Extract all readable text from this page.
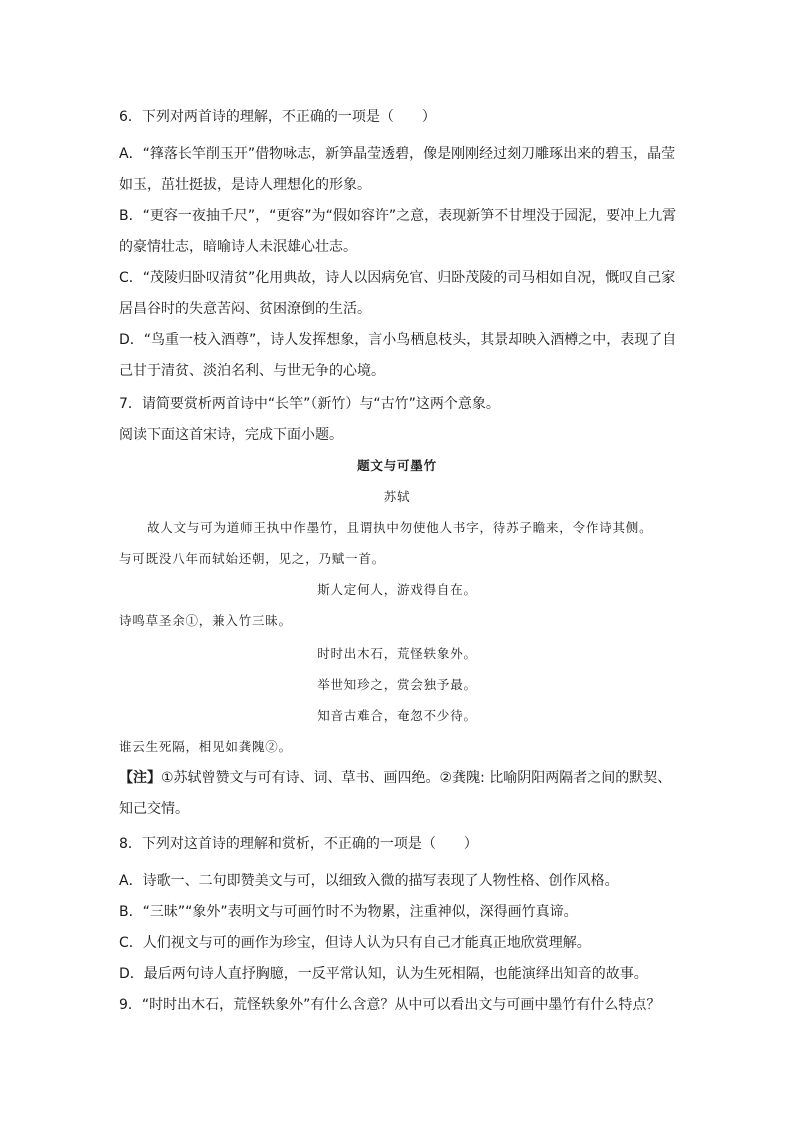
6．下列对两首诗的理解，不正确的一项是（　　）
A．“箨落长竿削玉开”借物咏志，新笋晶莹透碧，像是刚刚经过刻刀雕琢出来的碧玉，晶莹
如玉，茁壮挺拔，是诗人理想化的形象。
B．“更容一夜抽千尺”，“更容”为“假如容许”之意，表现新笋不甘埋没于园泥，要冲上九霄
的豪情壮志，暗喻诗人未泯雄心壮志。
C．“茂陵归卧叹清贫”化用典故，诗人以因病免官、归卧茂陵的司马相如自况，慨叹自己家
居昌谷时的失意苦闷、贫困潦倒的生活。
D．“鸟重一枝入酒尊”，诗人发挥想象，言小鸟栖息枝头，其景却映入酒樽之中，表现了自
己甘于清贫、淡泊名利、与世无争的心境。
7．请简要赏析两首诗中“长竿”（新竹）与“古竹”这两个意象。
阅读下面这首宋诗，完成下面小题。
题文与可墨竹
苏轼
故人文与可为道师王执中作墨竹，且谓执中勿使他人书字，待苏子瞻来，令作诗其侧。
与可既没八年而轼始还朝，见之，乃赋一首。
斯人定何人，游戏得自在。
诗鸣草圣余①，兼入竹三昧。
时时出木石，荒怪轶象外。
举世知珍之，赏会独予最。
知音古难合，奄忽不少待。
谁云生死隔，相见如龚隗②。
【注】①苏轼曾赞文与可有诗、词、草书、画四绝。②龚隗: 比喻阴阳两隔者之间的默契、
知己交情。
8．下列对这首诗的理解和赏析，不正确的一项是（　　）
A．诗歌一、二句即赞美文与可，以细致入微的描写表现了人物性格、创作风格。
B．“三昧”“象外”表明文与可画竹时不为物累，注重神似，深得画竹真谛。
C．人们视文与可的画作为珍宝，但诗人认为只有自己才能真正地欣赏理解。
D．最后两句诗人直抒胸臆，一反平常认知，认为生死相隔，也能演绎出知音的故事。
9．“时时出木石，荒怪轶象外”有什么含意？从中可以看出文与可画中墨竹有什么特点？
